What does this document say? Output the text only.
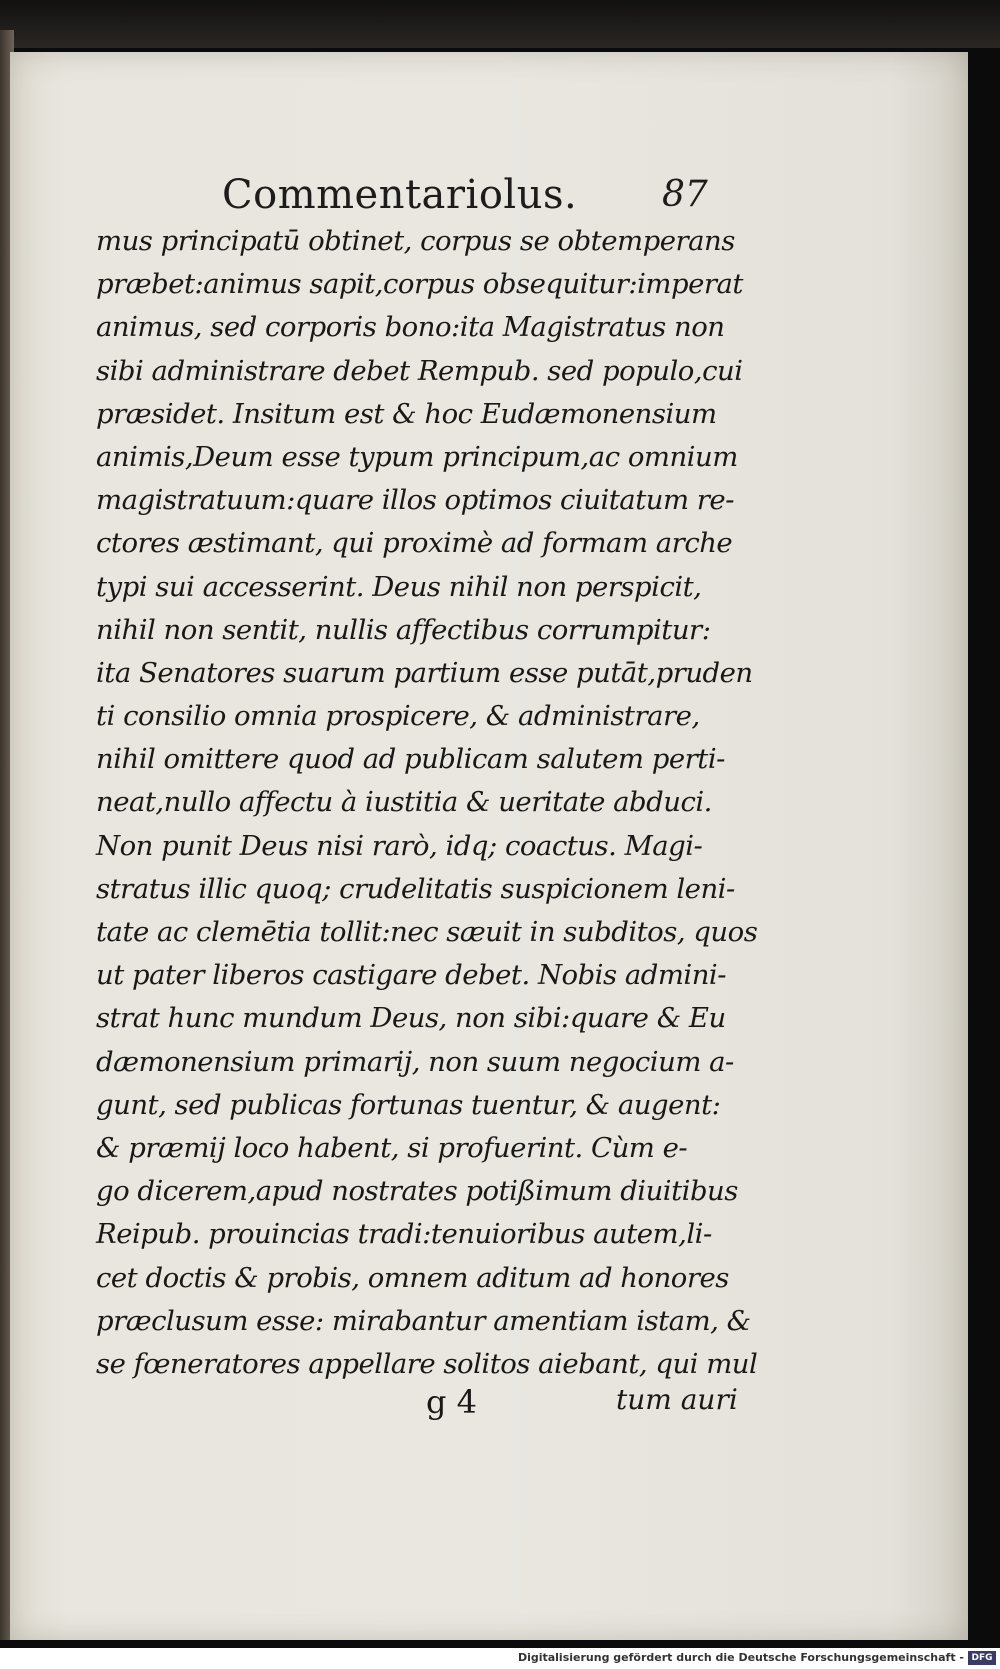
Commentariolus. 87
mus principatū obtinet, corpus se obtemperans
præbet:animus sapit,corpus obsequitur:imperat
animus, sed corporis bono:ita Magistratus non
sibi administrare debet Rempub. sed populo,cui
præsidet. Insitum est & hoc Eudæmonensium
animis,Deum esse typum principum,ac omnium
magistratuum:quare illos optimos ciuitatum re-
ctores æstimant, qui proximè ad formam arche
typi sui accesserint. Deus nihil non perspicit,
nihil non sentit, nullis affectibus corrumpitur:
ita Senatores suarum partium esse putāt,pruden
ti consilio omnia prospicere, & administrare,
nihil omittere quod ad publicam salutem perti-
neat,nullo affectu à iustitia & ueritate abduci.
Non punit Deus nisi rarò, idq; coactus. Magi-
stratus illic quoq; crudelitatis suspicionem leni-
tate ac clemētia tollit:nec sæuit in subditos, quos
ut pater liberos castigare debet. Nobis admini-
strat hunc mundum Deus, non sibi:quare & Eu
dæmonensium primarij, non suum negocium a-
gunt, sed publicas fortunas tuentur, & augent:
& præmij loco habent, si profuerint. Cùm e-
go dicerem,apud nostrates potißimum diuitibus
Reipub. prouincias tradi:tenuioribus autem,li-
cet doctis & probis, omnem aditum ad honores
præclusum esse: mirabantur amentiam istam, &
se fœneratores appellare solitos aiebant, qui mul
g 4	tum auri
Digitalisierung gefördert durch die Deutsche Forschungsgemeinschaft - DFG
